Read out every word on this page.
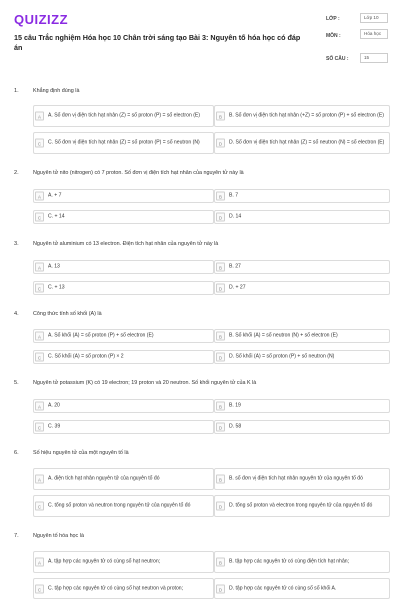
QUIZIZZ
15 câu Trắc nghiệm Hóa học 10 Chân trời sáng tạo Bài 3: Nguyên tố hóa học có đáp án
LỚP :	Lớp 10
MÔN :	Hóa học
SỐ CÂU :	15
1.	Khẳng định đúng là
A	A. Số đơn vị điện tích hạt nhân (Z) = số proton (P) = số electron (E)	B	B. Số đơn vị điện tích hạt nhân (+Z) = số proton (P) + số electron (E)
C	C. Số đơn vị điện tích hạt nhân (Z) = số proton (P) = số neutron (N)	D	D. Số đơn vị điện tích hạt nhân (Z) = số neutron (N) = số electron (E)
2.	Nguyên tử nito (nitrogen) có 7 proton. Số đơn vị điện tích hạt nhân của nguyên tử này là
A	A. + 7	B	B. 7
C	C. + 14	D	D. 14
3.	Nguyên tử aluminium có 13 electron. Điện tích hạt nhân của nguyên tử này là
A	A. 13	B	B. 27
C	C. + 13	D	D. + 27
4.	Công thức tính số khối (A) là
A	A. Số khối (A) = số proton (P) + số electron (E)	B	B. Số khối (A) = số neutron (N) + số electron (E)
C	C. Số khối (A) = số proton (P) × 2	D	D. Số khối (A) = số proton (P) + số neutron (N)
5.	Nguyên tử potassium (K) có 19 electron; 19 proton và 20 neutron. Số khối nguyên tử của K là
A	A. 20	B	B. 19
C	C. 39	D	D. 58
6.	Số hiệu nguyên tử của một nguyên tố là
A	A. điện tích hạt nhân nguyên tử của nguyên tố đó	B	B. số đơn vị điện tích hạt nhân nguyên tử của nguyên tố đó
C	C. tổng số proton và neutron trong nguyên tử của nguyên tố đó	D	D. tổng số proton và electron trong nguyên tử của nguyên tố đó
7.	Nguyên tố hóa học là
A	A. tập hợp các nguyên tử có cùng số hạt neutron;	B	B. tập hợp các nguyên tử có cùng điện tích hạt nhân;
C	C. tập hợp các nguyên tử có cùng số hạt neutron và proton;	D	D. tập hợp các nguyên tử có cùng số số khối A.
